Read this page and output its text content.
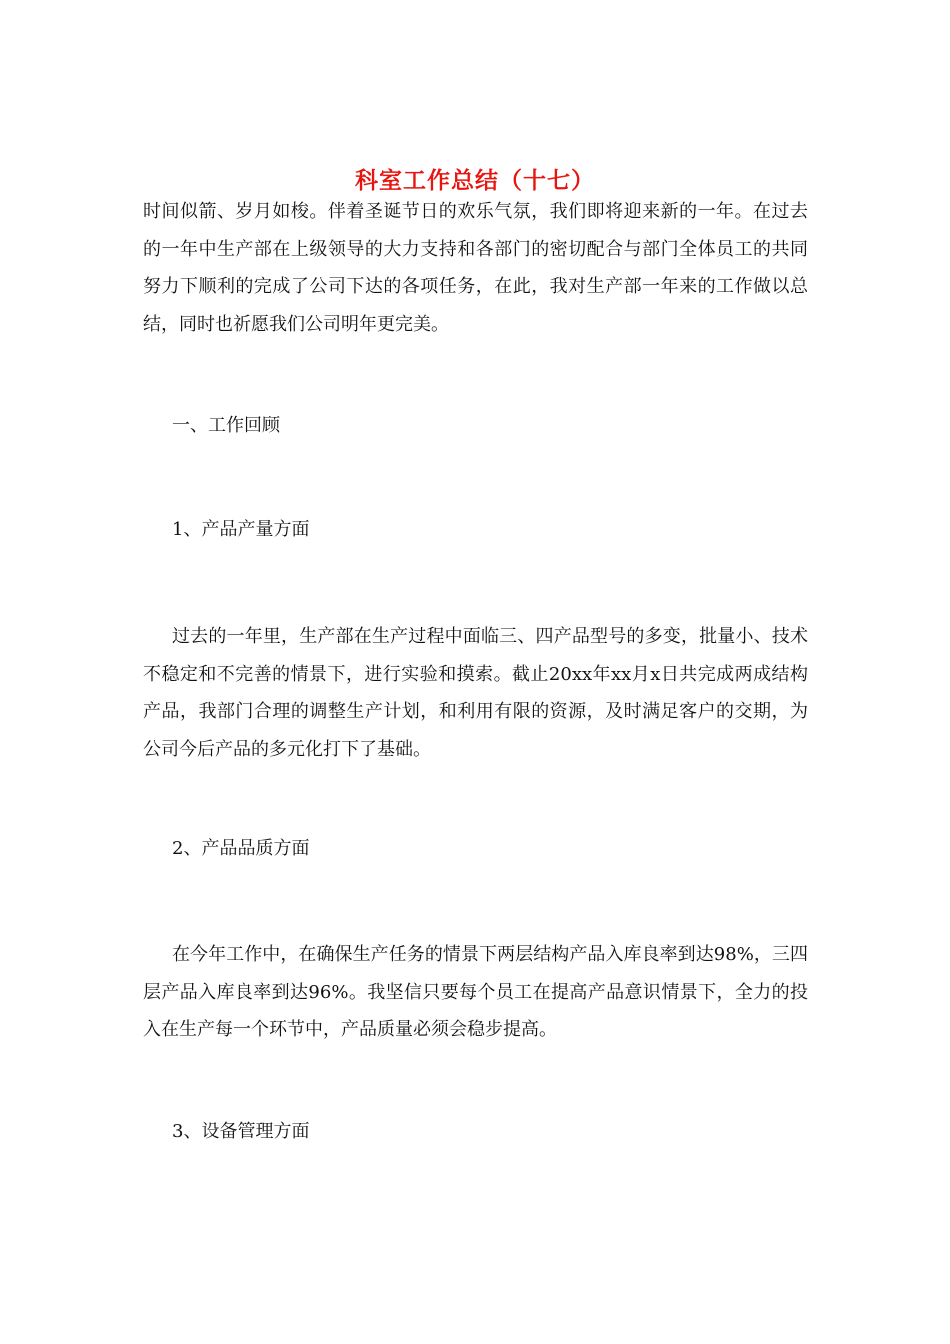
科室工作总结（十七）

时间似箭、岁月如梭。伴着圣诞节日的欢乐气氛，我们即将迎来新的一年。在过去的一年中生产部在上级领导的大力支持和各部门的密切配合与部门全体员工的共同努力下顺利的完成了公司下达的各项任务，在此，我对生产部一年来的工作做以总结，同时也祈愿我们公司明年更完美。

一、工作回顾

1、产品产量方面

过去的一年里，生产部在生产过程中面临三、四产品型号的多变，批量小、技术不稳定和不完善的情景下，进行实验和摸索。截止20xx年xx月x日共完成两成结构产品，我部门合理的调整生产计划，和利用有限的资源，及时满足客户的交期，为公司今后产品的多元化打下了基础。

2、产品品质方面

在今年工作中，在确保生产任务的情景下两层结构产品入库良率到达98%，三四层产品入库良率到达96%。我坚信只要每个员工在提高产品意识情景下，全力的投入在生产每一个环节中，产品质量必须会稳步提高。

3、设备管理方面
